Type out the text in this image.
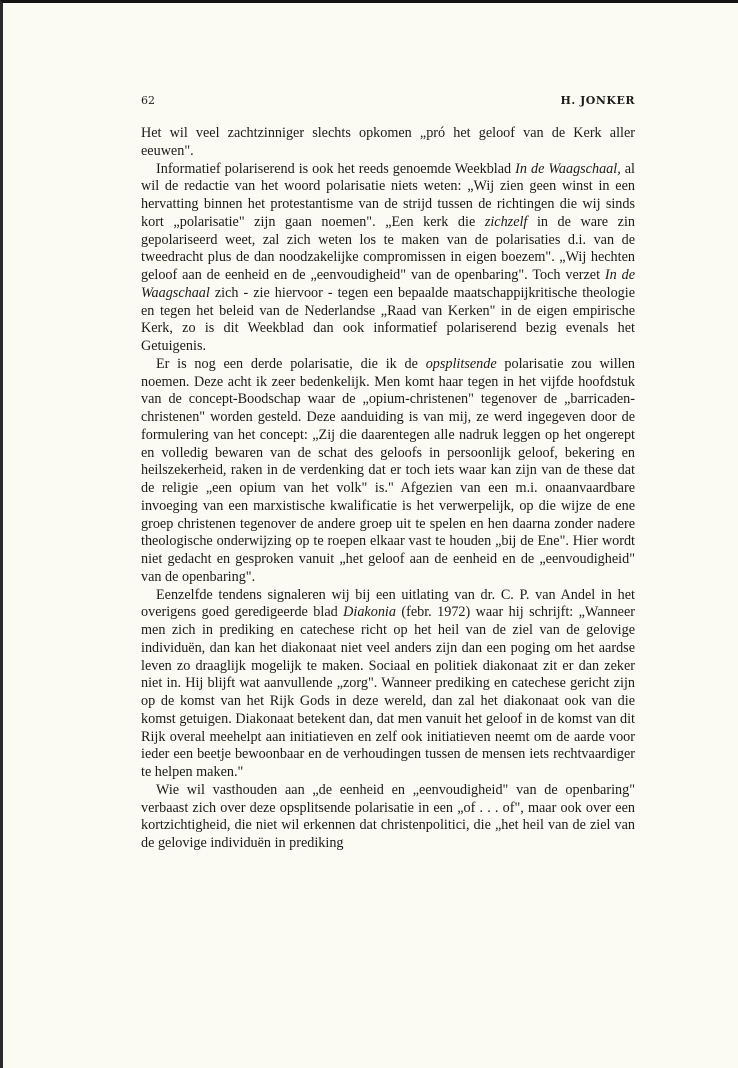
62	H. JONKER

Het wil veel zachtzinniger slechts opkomen „pró het geloof van de Kerk aller eeuwen".

Informatief polariserend is ook het reeds genoemde Weekblad In de Waagschaal, al wil de redactie van het woord polarisatie niets weten: „Wij zien geen winst in een hervatting binnen het protestantisme van de strijd tussen de richtingen die wij sinds kort „polarisatie" zijn gaan noemen". „Een kerk die zichzelf in de ware zin gepolariseerd weet, zal zich weten los te maken van de polarisaties d.i. van de tweedracht plus de dan noodzakelijke compromissen in eigen boezem". „Wij hechten geloof aan de eenheid en de „eenvoudigheid" van de openbaring". Toch verzet In de Waagschaal zich - zie hiervoor - tegen een bepaalde maatschappijkritische theologie en tegen het beleid van de Nederlandse „Raad van Kerken" in de eigen empirische Kerk, zo is dit Weekblad dan ook informatief polariserend bezig evenals het Getuigenis.

Er is nog een derde polarisatie, die ik de opsplitsende polarisatie zou willen noemen. Deze acht ik zeer bedenkelijk. Men komt haar tegen in het vijfde hoofdstuk van de concept-Boodschap waar de „opium-christenen" tegenover de „barricaden-christenen" worden gesteld. Deze aanduiding is van mij, ze werd ingegeven door de formulering van het concept: „Zij die daarentegen alle nadruk leggen op het ongerept en volledig bewaren van de schat des geloofs in persoonlijk geloof, bekering en heilszekerheid, raken in de verdenking dat er toch iets waar kan zijn van de these dat de religie „een opium van het volk" is." Afgezien van een m.i. onaanvaardbare invoeging van een marxistische kwalificatie is het verwerpelijk, op die wijze de ene groep christenen tegenover de andere groep uit te spelen en hen daarna zonder nadere theologische onderwijzing op te roepen elkaar vast te houden „bij de Ene". Hier wordt niet gedacht en gesproken vanuit „het geloof aan de eenheid en de „eenvoudigheid" van de openbaring".

Eenzelfde tendens signaleren wij bij een uitlating van dr. C. P. van Andel in het overigens goed geredigeerde blad Diakonia (febr. 1972) waar hij schrijft: „Wanneer men zich in prediking en catechese richt op het heil van de ziel van de gelovige individuën, dan kan het diakonaat niet veel anders zijn dan een poging om het aardse leven zo draaglijk mogelijk te maken. Sociaal en politiek diakonaat zit er dan zeker niet in. Hij blijft wat aanvullende „zorg". Wanneer prediking en catechese gericht zijn op de komst van het Rijk Gods in deze wereld, dan zal het diakonaat ook van die komst getuigen. Diakonaat betekent dan, dat men vanuit het geloof in de komst van dit Rijk overal meehelpt aan initiatieven en zelf ook initiatieven neemt om de aarde voor ieder een beetje bewoonbaar en de verhoudingen tussen de mensen iets rechtvaardiger te helpen maken."

Wie wil vasthouden aan „de eenheid en „eenvoudigheid" van de openbaring" verbaast zich over deze opsplitsende polarisatie in een „of . . . of", maar ook over een kortzichtigheid, die niet wil erkennen dat christenpolitici, die „het heil van de ziel van de gelovige individuën in prediking
